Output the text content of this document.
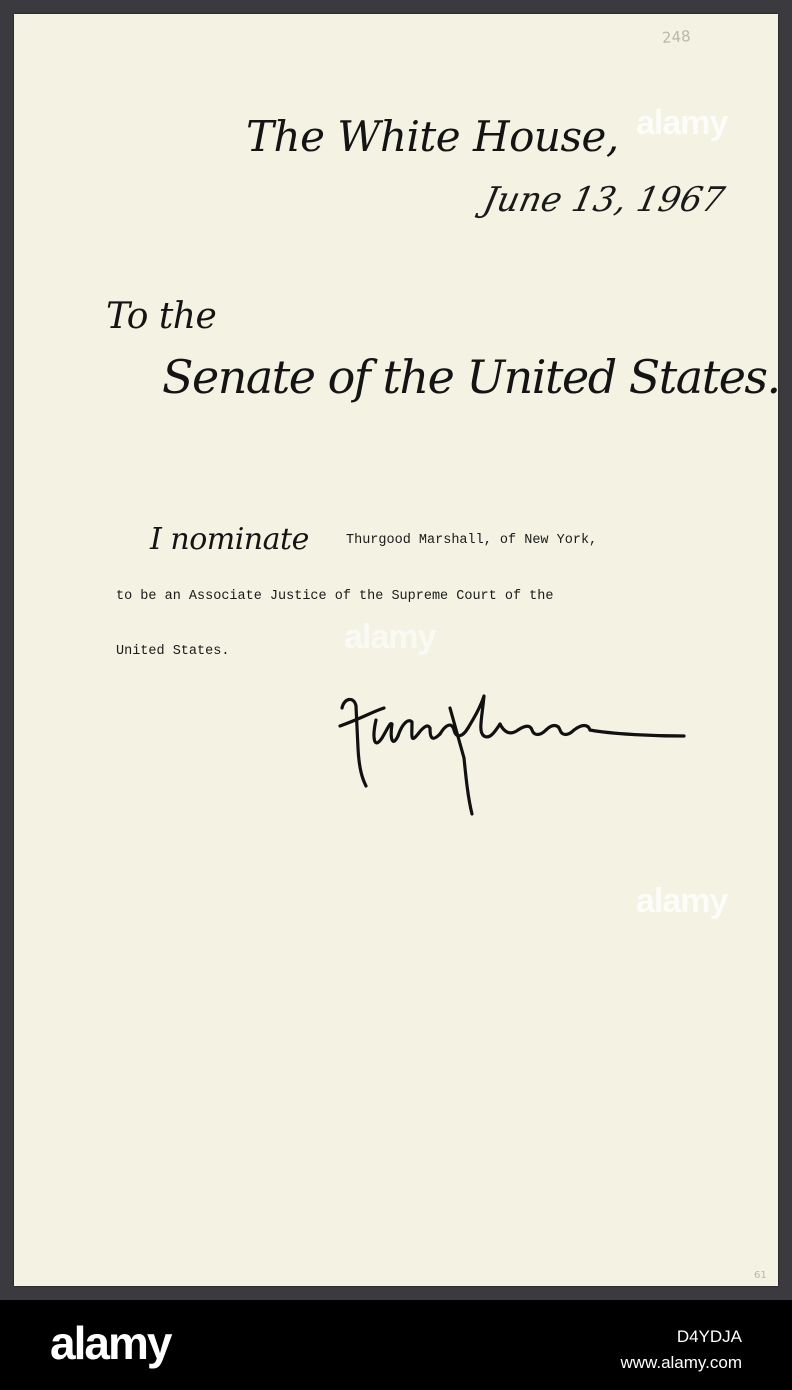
248
The White House,
June 13, 1967
To the
Senate of the United States.
I nominate	Thurgood Marshall, of New York,
to be an Associate Justice of the Supreme Court of the
United States.
alamy
alamy
alamy
61
alamy	D4YDJA
www.alamy.com
